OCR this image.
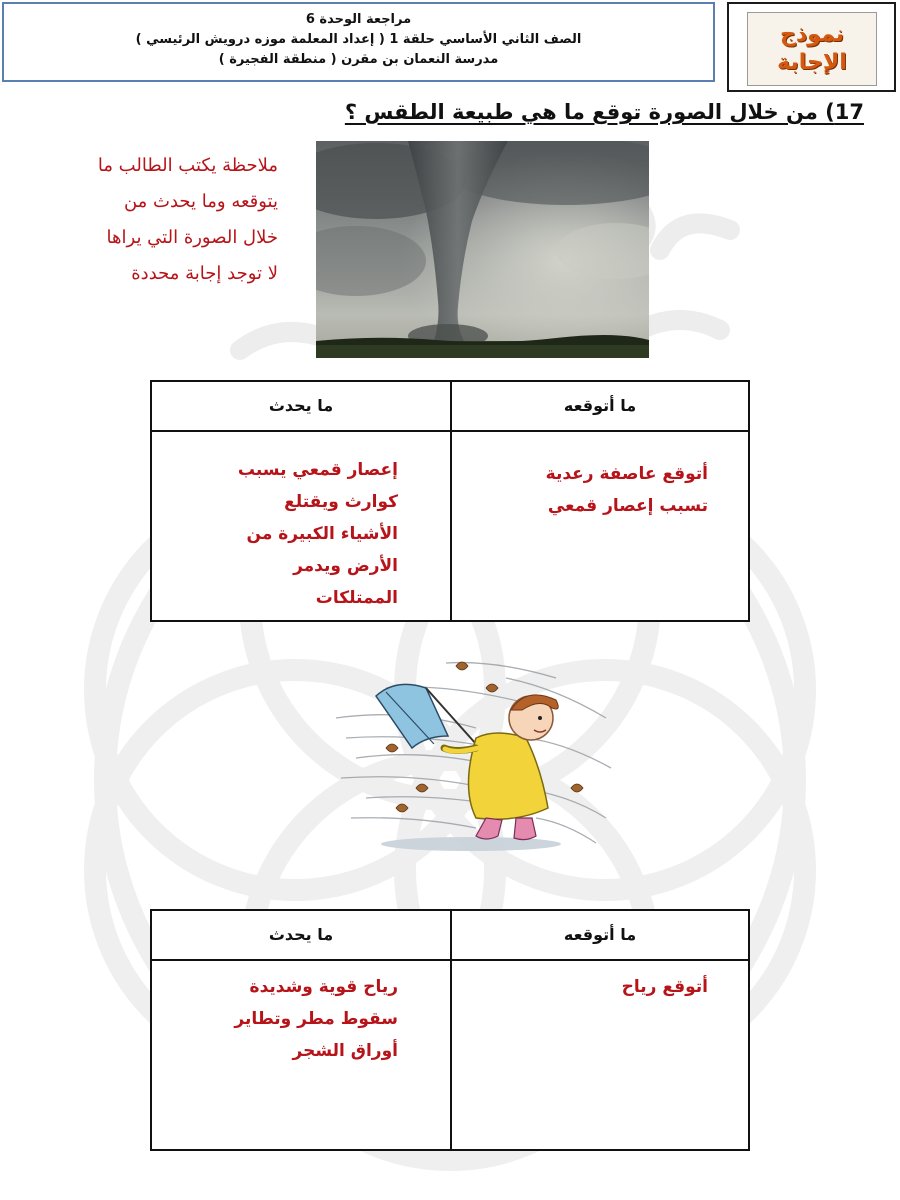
مراجعة الوحدة 6
الصف الثاني الأساسي حلقة 1 ( إعداد المعلمة موزه درويش الرئيسي )
مدرسة النعمان بن مقرن ( منطقة الفجيرة )
نموذج
الإجابة
17) من خلال الصورة توقع ما هي طبيعة الطقس ؟
ملاحظة يكتب الطالب ما
يتوقعه وما يحدث من
خلال الصورة التي يراها
لا توجد إجابة محددة
ما أتوقعه
ما يحدث
أتوقع عاصفة رعدية
تسبب إعصار قمعي
إعصار قمعي يسبب
كوارث ويقتلع
الأشياء الكبيرة من
الأرض ويدمر
الممتلكات
ما أتوقعه
ما يحدث
أتوقع رياح
رياح قوية وشديدة
سقوط مطر وتطاير
أوراق الشجر
